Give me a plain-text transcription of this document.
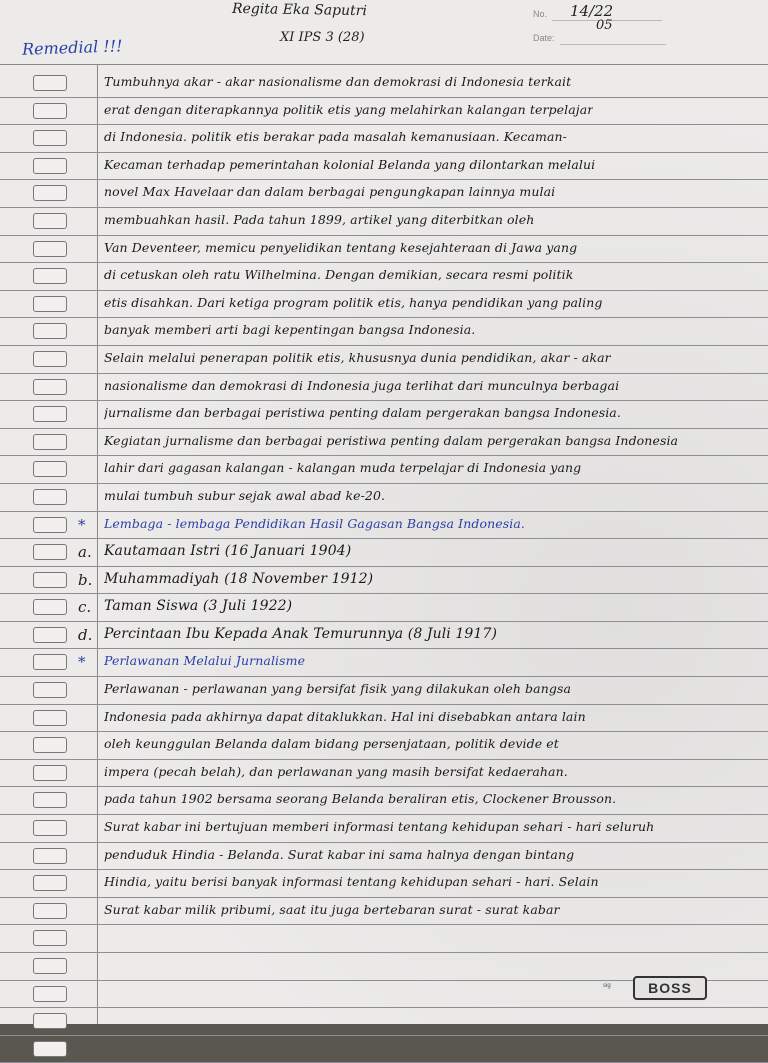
Regita Eka Saputri
XI IPS 3 (28)
Remedial !!!
No.
Date:
14/22
05
Tumbuhnya akar - akar nasionalisme dan demokrasi di Indonesia terkait
erat dengan diterapkannya politik etis yang melahirkan kalangan terpelajar
di Indonesia. politik etis berakar pada masalah kemanusiaan. Kecaman-
Kecaman terhadap pemerintahan kolonial Belanda yang dilontarkan melalui
novel Max Havelaar dan dalam berbagai pengungkapan lainnya mulai
membuahkan hasil. Pada tahun 1899, artikel yang diterbitkan oleh
Van Deventeer, memicu penyelidikan tentang kesejahteraan di Jawa yang
di cetuskan oleh ratu Wilhelmina. Dengan demikian, secara resmi politik
etis disahkan. Dari ketiga program politik etis, hanya pendidikan yang paling
banyak memberi arti bagi kepentingan bangsa Indonesia.
Selain melalui penerapan politik etis, khususnya dunia pendidikan, akar - akar
nasionalisme dan demokrasi di Indonesia juga terlihat dari munculnya berbagai
jurnalisme dan berbagai peristiwa penting dalam pergerakan bangsa Indonesia.
Kegiatan jurnalisme dan berbagai peristiwa penting dalam pergerakan bangsa Indonesia
lahir dari gagasan kalangan - kalangan muda terpelajar di Indonesia yang
mulai tumbuh subur sejak awal abad ke-20.
* Lembaga - lembaga Pendidikan Hasil Gagasan Bangsa Indonesia.
a. Kautamaan Istri (16 Januari 1904)
b. Muhammadiyah (18 November 1912)
c. Taman Siswa (3 Juli 1922)
d. Percintaan Ibu Kepada Anak Temurunnya (8 Juli 1917)
* Perlawanan Melalui Jurnalisme
Perlawanan - perlawanan yang bersifat fisik yang dilakukan oleh bangsa
Indonesia pada akhirnya dapat ditaklukkan. Hal ini disebabkan antara lain
oleh keunggulan Belanda dalam bidang persenjataan, politik devide et
impera (pecah belah), dan perlawanan yang masih bersifat kedaerahan.
pada tahun 1902 bersama seorang Belanda beraliran etis, Clockener Brousson.
Surat kabar ini bertujuan memberi informasi tentang kehidupan sehari - hari seluruh
penduduk Hindia - Belanda. Surat kabar ini sama halnya dengan bintang
Hindia, yaitu berisi banyak informasi tentang kehidupan sehari - hari. Selain
Surat kabar milik pribumi, saat itu juga bertebaran surat - surat kabar
sig	BOSS
